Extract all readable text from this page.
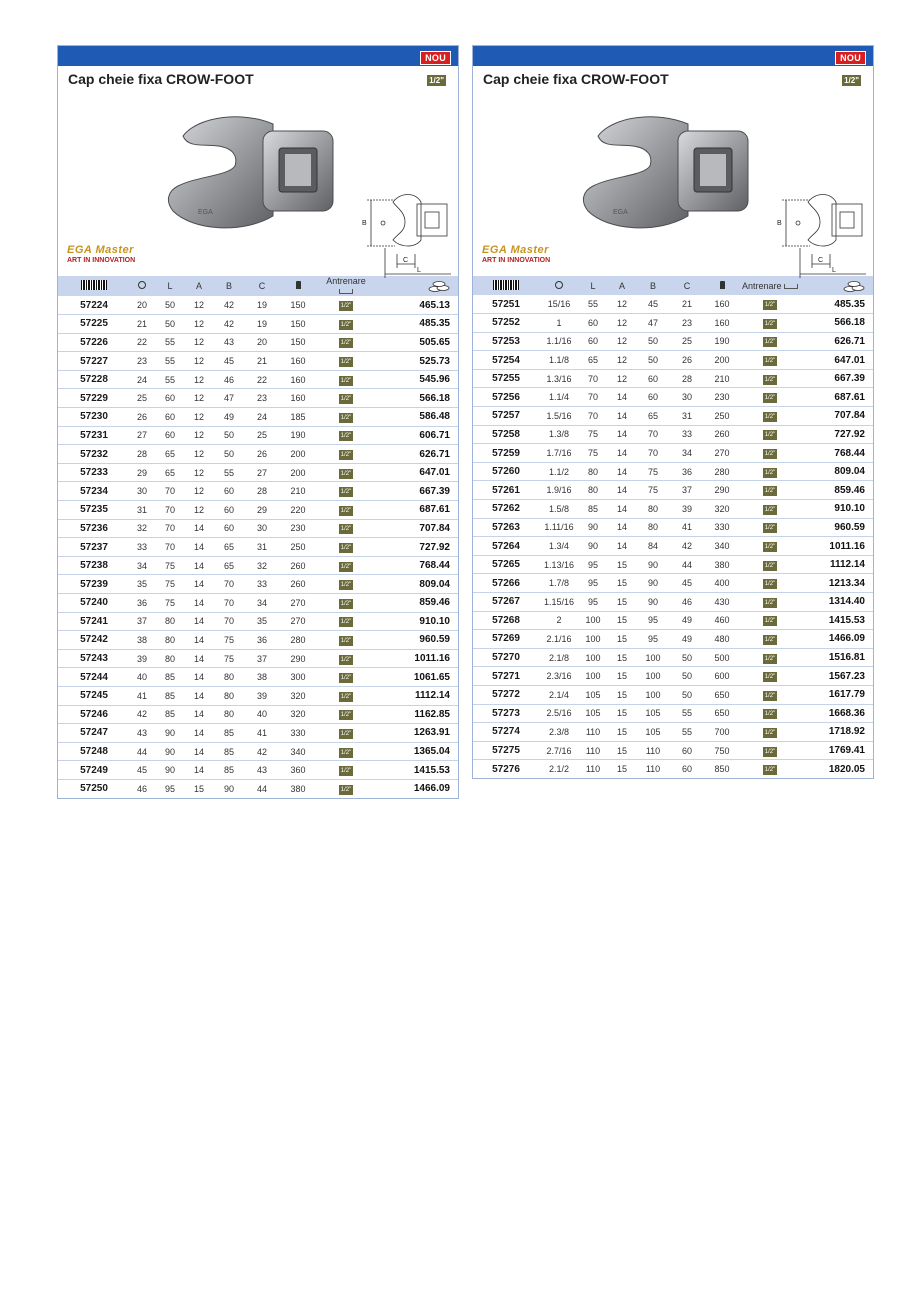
NOU
Cap cheie fixa CROW-FOOT	1/2"
EGA
B
C
L
EGA Master
ART IN INNOVATION
		L	A	B	C		Antrenare	
57224	20	50	12	42	19	150	1/2"	465.13
57225	21	50	12	42	19	150	1/2"	485.35
57226	22	55	12	43	20	150	1/2"	505.65
57227	23	55	12	45	21	160	1/2"	525.73
57228	24	55	12	46	22	160	1/2"	545.96
57229	25	60	12	47	23	160	1/2"	566.18
57230	26	60	12	49	24	185	1/2"	586.48
57231	27	60	12	50	25	190	1/2"	606.71
57232	28	65	12	50	26	200	1/2"	626.71
57233	29	65	12	55	27	200	1/2"	647.01
57234	30	70	12	60	28	210	1/2"	667.39
57235	31	70	12	60	29	220	1/2"	687.61
57236	32	70	14	60	30	230	1/2"	707.84
57237	33	70	14	65	31	250	1/2"	727.92
57238	34	75	14	65	32	260	1/2"	768.44
57239	35	75	14	70	33	260	1/2"	809.04
57240	36	75	14	70	34	270	1/2"	859.46
57241	37	80	14	70	35	270	1/2"	910.10
57242	38	80	14	75	36	280	1/2"	960.59
57243	39	80	14	75	37	290	1/2"	1011.16
57244	40	85	14	80	38	300	1/2"	1061.65
57245	41	85	14	80	39	320	1/2"	1112.14
57246	42	85	14	80	40	320	1/2"	1162.85
57247	43	90	14	85	41	330	1/2"	1263.91
57248	44	90	14	85	42	340	1/2"	1365.04
57249	45	90	14	85	43	360	1/2"	1415.53
57250	46	95	15	90	44	380	1/2"	1466.09
NOU
Cap cheie fixa CROW-FOOT	1/2"
EGA
B
C
L
EGA Master
ART IN INNOVATION
		L	A	B	C		Antrenare	
57251	15/16	55	12	45	21	160	1/2"	485.35
57252	1	60	12	47	23	160	1/2"	566.18
57253	1.1/16	60	12	50	25	190	1/2"	626.71
57254	1.1/8	65	12	50	26	200	1/2"	647.01
57255	1.3/16	70	12	60	28	210	1/2"	667.39
57256	1.1/4	70	14	60	30	230	1/2"	687.61
57257	1.5/16	70	14	65	31	250	1/2"	707.84
57258	1.3/8	75	14	70	33	260	1/2"	727.92
57259	1.7/16	75	14	70	34	270	1/2"	768.44
57260	1.1/2	80	14	75	36	280	1/2"	809.04
57261	1.9/16	80	14	75	37	290	1/2"	859.46
57262	1.5/8	85	14	80	39	320	1/2"	910.10
57263	1.11/16	90	14	80	41	330	1/2"	960.59
57264	1.3/4	90	14	84	42	340	1/2"	1011.16
57265	1.13/16	95	15	90	44	380	1/2"	1112.14
57266	1.7/8	95	15	90	45	400	1/2"	1213.34
57267	1.15/16	95	15	90	46	430	1/2"	1314.40
57268	2	100	15	95	49	460	1/2"	1415.53
57269	2.1/16	100	15	95	49	480	1/2"	1466.09
57270	2.1/8	100	15	100	50	500	1/2"	1516.81
57271	2.3/16	100	15	100	50	600	1/2"	1567.23
57272	2.1/4	105	15	100	50	650	1/2"	1617.79
57273	2.5/16	105	15	105	55	650	1/2"	1668.36
57274	2.3/8	110	15	105	55	700	1/2"	1718.92
57275	2.7/16	110	15	110	60	750	1/2"	1769.41
57276	2.1/2	110	15	110	60	850	1/2"	1820.05
